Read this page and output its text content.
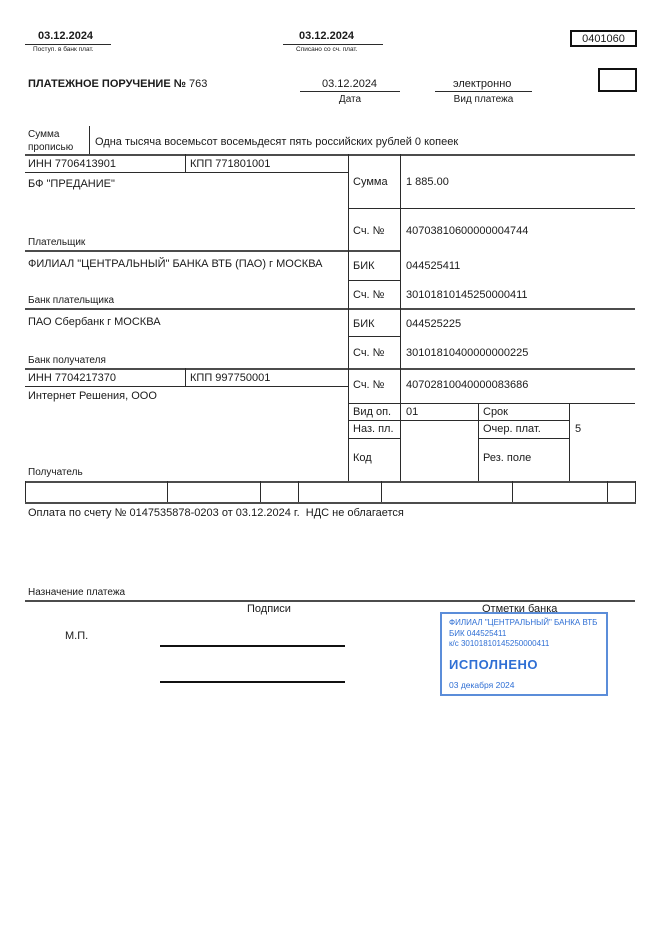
03.12.2024
Поступ. в банк плат.
03.12.2024
Списано со сч. плат.
0401060
ПЛАТЕЖНОЕ ПОРУЧЕНИЕ № 763	03.12.2024
Дата
электронно
Вид платежа
Сумма прописью	Одна тысяча восемьсот восемьдесят пять российских рублей 0 копеек
ИНН 7706413901	КПП 771801001
БФ "ПРЕДАНИЕ"
Плательщик
ФИЛИАЛ "ЦЕНТРАЛЬНЫЙ" БАНКА ВТБ (ПАО) г МОСКВА
Банк плательщика
ПАО Сбербанк г МОСКВА
Банк получателя
ИНН 7704217370	КПП 997750001
Интернет Решения, ООО
Получатель
Сумма 1 885.00
Сч. № 40703810600000004744
БИК	044525411
Сч. № 30101810145250000411
БИК	044525225
Сч. № 30101810400000000225
Сч. № 40702810040000083686
Вид оп. 01	Срок
Наз. пл.	Очер. плат.	5
Код	Рез. поле
Оплата по счету № 0147535878-0203 от 03.12.2024 г.  НДС не облагается
Назначение платежа
Подписи	Отметки банка
М.П.
ФИЛИАЛ "ЦЕНТРАЛЬНЫЙ" БАНКА ВТБ
БИК 044525411
к/с 30101810145250000411
ИСПОЛНЕНО
03 декабря 2024
